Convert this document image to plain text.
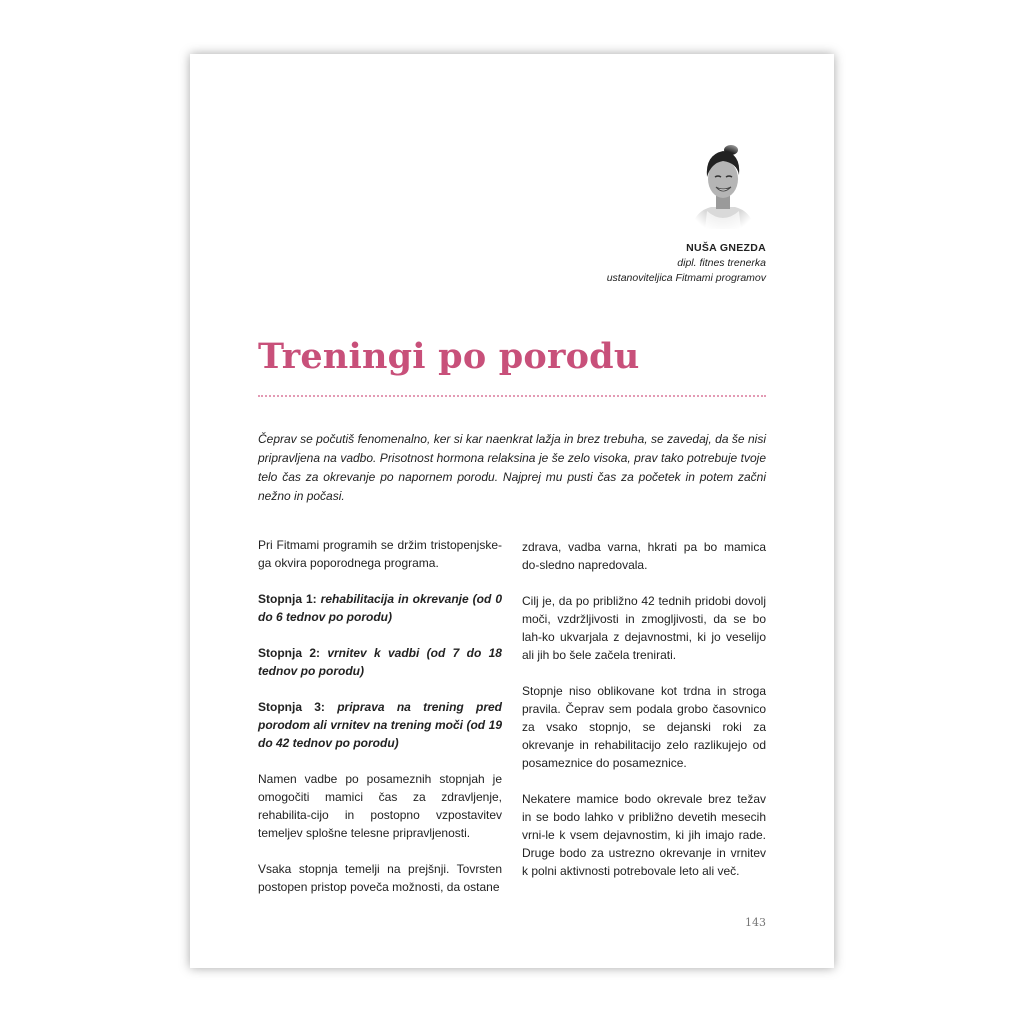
NUŠA GNEZDA
dipl. fitnes trenerka
ustanoviteljica Fitmami programov
Treningi po porodu

Čeprav se počutiš fenomenalno, ker si kar naenkrat lažja in brez trebuha, se zavedaj, da še nisi pripravljena na vadbo. Prisotnost hormona relaksina je še zelo visoka, prav tako potrebuje tvoje telo čas za okrevanje po napornem porodu. Najprej mu pusti čas za početek in potem začni nežno in počasi.

Pri Fitmami programih se držim tristopenjske-ga okvira poporodnega programa.

Stopnja 1: rehabilitacija in okrevanje (od 0 do 6 tednov po porodu)

Stopnja 2: vrnitev k vadbi (od 7 do 18 tednov po porodu)

Stopnja 3: priprava na trening pred porodom ali vrnitev na trening moči (od 19 do 42 tednov po porodu)

Namen vadbe po posameznih stopnjah je omogočiti mamici čas za zdravljenje, rehabilita-cijo in postopno vzpostavitev temeljev splošne telesne pripravljenosti.

Vsaka stopnja temelji na prejšnji. Tovrsten postopen pristop poveča možnosti, da ostane

zdrava, vadba varna, hkrati pa bo mamica do-sledno napredovala.

Cilj je, da po približno 42 tednih pridobi dovolj moči, vzdržljivosti in zmogljivosti, da se bo lah-ko ukvarjala z dejavnostmi, ki jo veselijo ali jih bo šele začela trenirati.

Stopnje niso oblikovane kot trdna in stroga pravila. Čeprav sem podala grobo časovnico za vsako stopnjo, se dejanski roki za okrevanje in rehabilitacijo zelo razlikujejo od posameznice do posameznice.

Nekatere mamice bodo okrevale brez težav in se bodo lahko v približno devetih mesecih vrni-le k vsem dejavnostim, ki jih imajo rade. Druge bodo za ustrezno okrevanje in vrnitev k polni aktivnosti potrebovale leto ali več.

143
